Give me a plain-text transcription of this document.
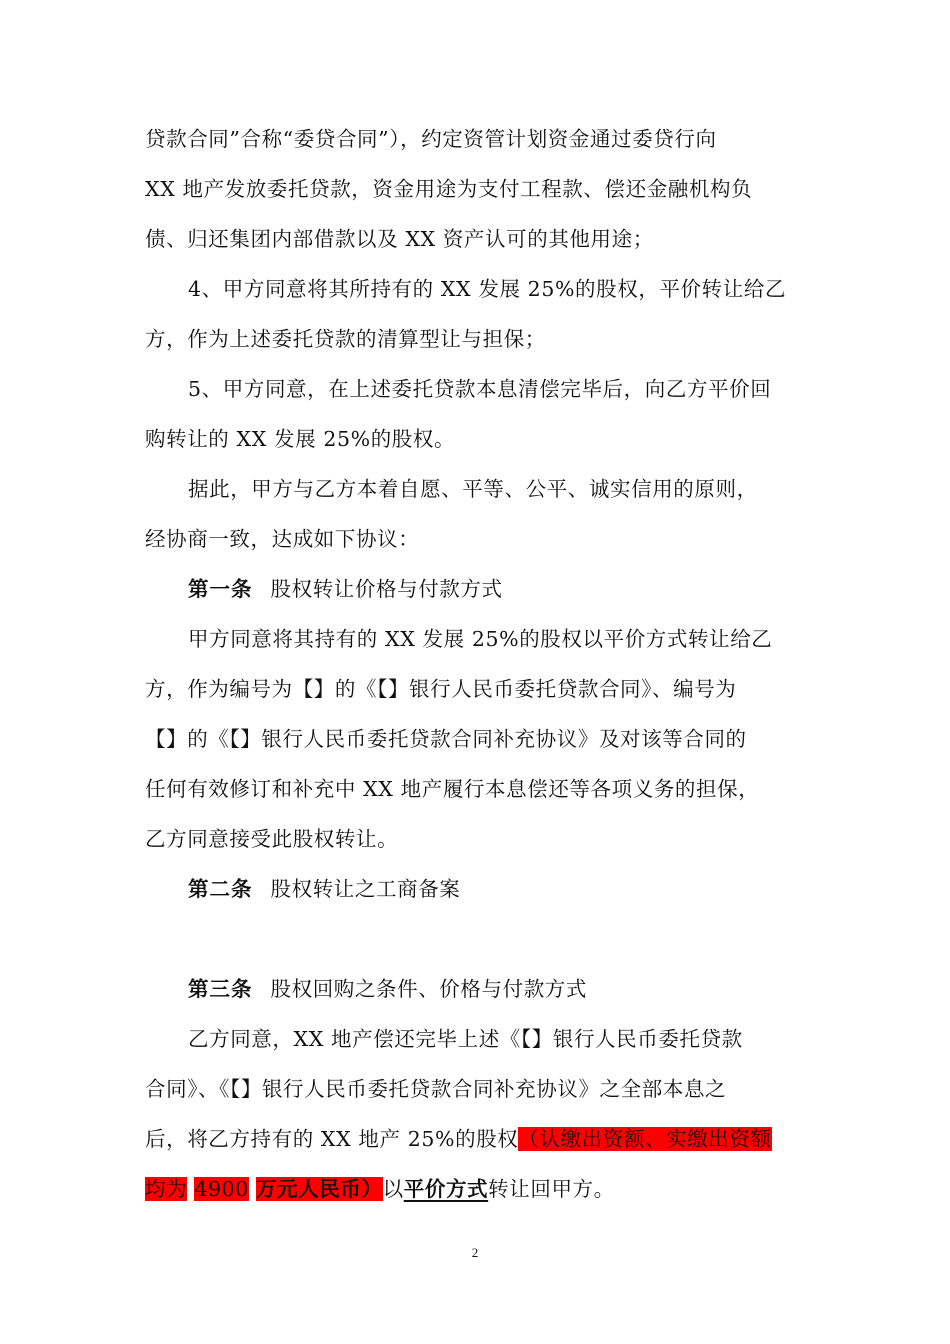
贷款合同”合称“委贷合同”），约定资管计划资金通过委贷行向
XX 地产发放委托贷款，资金用途为支付工程款、偿还金融机构负
债、归还集团内部借款以及 XX 资产认可的其他用途；
4、甲方同意将其所持有的 XX 发展 25%的股权，平价转让给乙
方，作为上述委托贷款的清算型让与担保；
5、甲方同意，在上述委托贷款本息清偿完毕后，向乙方平价回
购转让的 XX 发展 25%的股权。
据此，甲方与乙方本着自愿、平等、公平、诚实信用的原则，
经协商一致，达成如下协议：
第一条 股权转让价格与付款方式
甲方同意将其持有的 XX 发展 25%的股权以平价方式转让给乙
方，作为编号为【】的《【】银行人民币委托贷款合同》、编号为
【】的《【】银行人民币委托贷款合同补充协议》及对该等合同的
任何有效修订和补充中 XX 地产履行本息偿还等各项义务的担保，
乙方同意接受此股权转让。
第二条 股权转让之工商备案
第三条 股权回购之条件、价格与付款方式
乙方同意，XX 地产偿还完毕上述《【】银行人民币委托贷款
合同》、《【】银行人民币委托贷款合同补充协议》之全部本息之
后，将乙方持有的 XX 地产 25%的股权（认缴出资额、实缴出资额
均为 4900 万元人民币）以平价方式转让回甲方。
2
